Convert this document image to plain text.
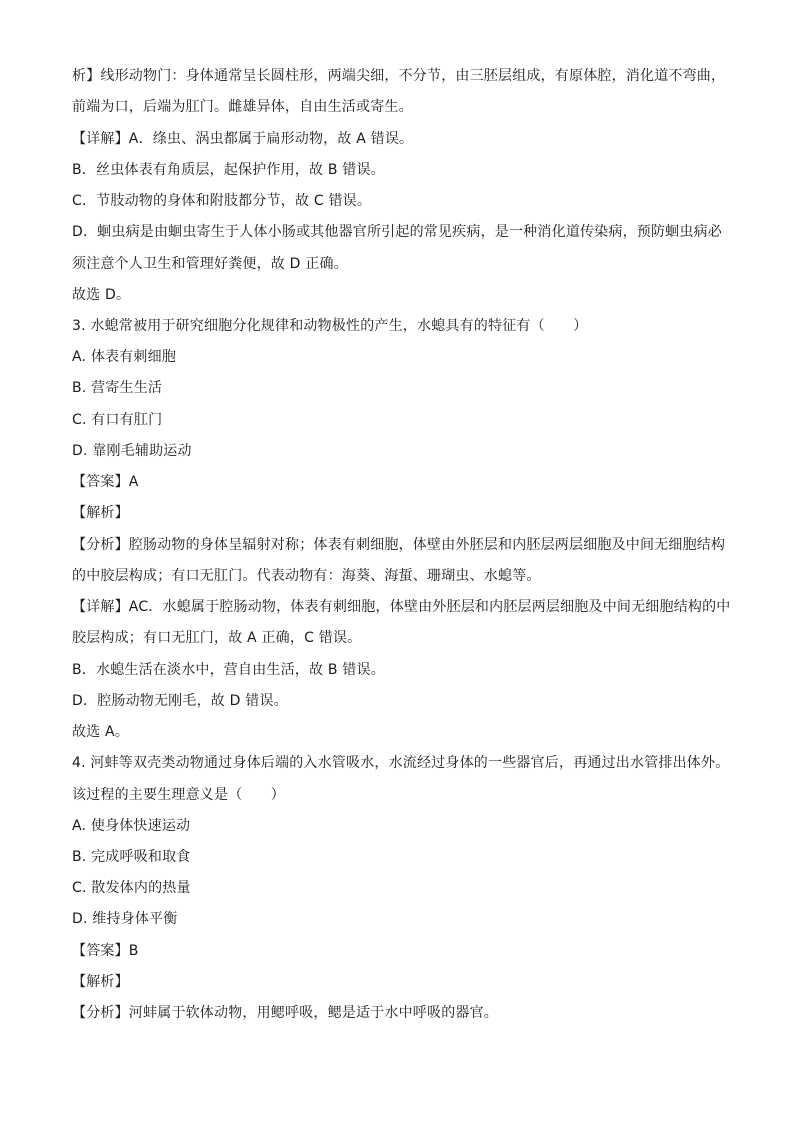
析】线形动物门：身体通常呈长圆柱形，两端尖细，不分节，由三胚层组成，有原体腔，消化道不弯曲，
前端为口，后端为肛门。雌雄异体，自由生活或寄生。
【详解】A．绦虫、涡虫都属于扁形动物，故 A 错误。
B．丝虫体表有角质层，起保护作用，故 B 错误。
C．节肢动物的身体和附肢都分节，故 C 错误。
D．蛔虫病是由蛔虫寄生于人体小肠或其他器官所引起的常见疾病，是一种消化道传染病，预防蛔虫病必
须注意个人卫生和管理好粪便，故 D 正确。
故选 D。
3. 水螅常被用于研究细胞分化规律和动物极性的产生，水螅具有的特征有（　　）
A. 体表有刺细胞
B. 营寄生生活
C. 有口有肛门
D. 靠刚毛辅助运动
【答案】A
【解析】
【分析】腔肠动物的身体呈辐射对称；体表有刺细胞，体壁由外胚层和内胚层两层细胞及中间无细胞结构
的中胶层构成；有口无肛门。代表动物有：海葵、海蜇、珊瑚虫、水螅等。
【详解】AC．水螅属于腔肠动物，体表有刺细胞，体壁由外胚层和内胚层两层细胞及中间无细胞结构的中
胶层构成；有口无肛门，故 A 正确，C 错误。
B．水螅生活在淡水中，营自由生活，故 B 错误。
D．腔肠动物无刚毛，故 D 错误。
故选 A。
4. 河蚌等双壳类动物通过身体后端的入水管吸水，水流经过身体的一些器官后，再通过出水管排出体外。
该过程的主要生理意义是（　　）
A. 使身体快速运动
B. 完成呼吸和取食
C. 散发体内的热量
D. 维持身体平衡
【答案】B
【解析】
【分析】河蚌属于软体动物，用鳃呼吸，鳃是适于水中呼吸的器官。
